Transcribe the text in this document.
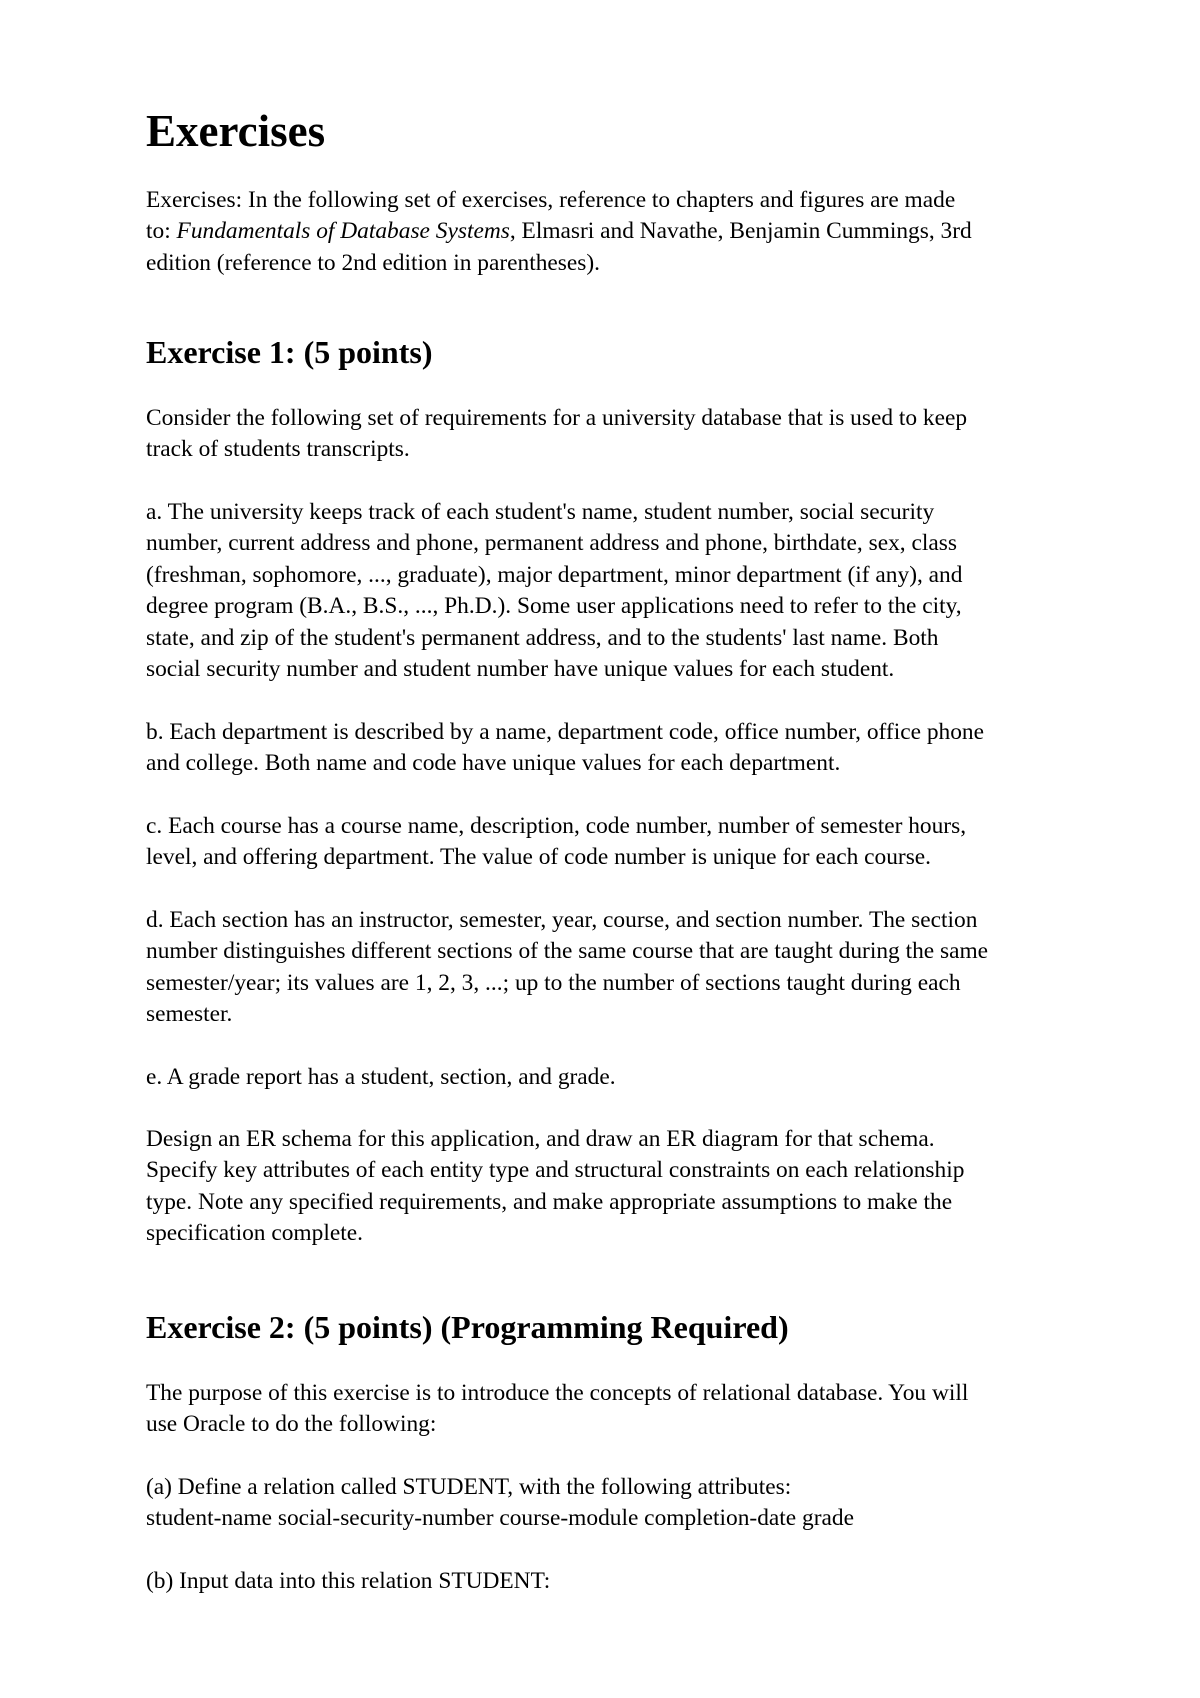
Exercises
Exercises: In the following set of exercises, reference to chapters and figures are made
to: Fundamentals of Database Systems, Elmasri and Navathe, Benjamin Cummings, 3rd
edition (reference to 2nd edition in parentheses).
Exercise 1: (5 points)
Consider the following set of requirements for a university database that is used to keep
track of students transcripts.
a. The university keeps track of each student's name, student number, social security
number, current address and phone, permanent address and phone, birthdate, sex, class
(freshman, sophomore, ..., graduate), major department, minor department (if any), and
degree program (B.A., B.S., ..., Ph.D.). Some user applications need to refer to the city,
state, and zip of the student's permanent address, and to the students' last name. Both
social security number and student number have unique values for each student.
b. Each department is described by a name, department code, office number, office phone
and college. Both name and code have unique values for each department.
c. Each course has a course name, description, code number, number of semester hours,
level, and offering department. The value of code number is unique for each course.
d. Each section has an instructor, semester, year, course, and section number. The section
number distinguishes different sections of the same course that are taught during the same
semester/year; its values are 1, 2, 3, ...; up to the number of sections taught during each
semester.
e. A grade report has a student, section, and grade.
Design an ER schema for this application, and draw an ER diagram for that schema.
Specify key attributes of each entity type and structural constraints on each relationship
type. Note any specified requirements, and make appropriate assumptions to make the
specification complete.
Exercise 2: (5 points) (Programming Required)
The purpose of this exercise is to introduce the concepts of relational database. You will
use Oracle to do the following:
(a) Define a relation called STUDENT, with the following attributes:
student-name social-security-number course-module completion-date grade
(b) Input data into this relation STUDENT:
